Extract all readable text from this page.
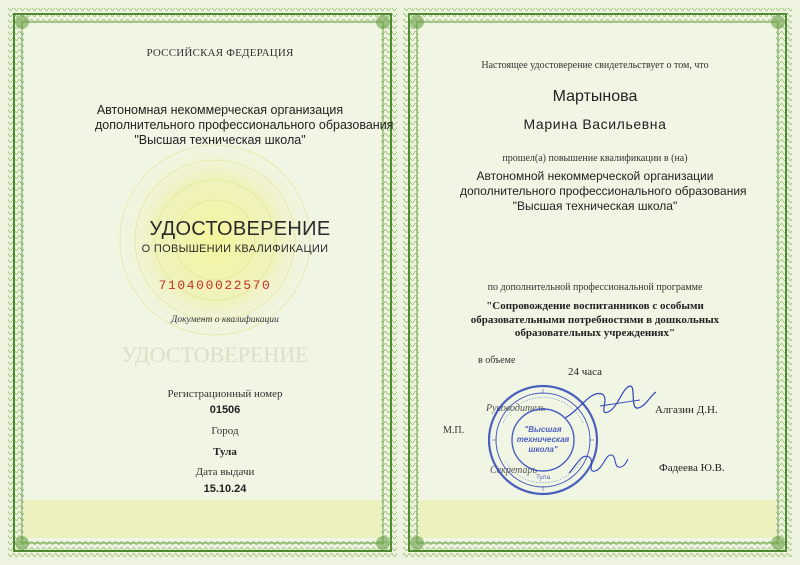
УДОСТОВЕРЕНИЕ
РОССИЙСКАЯ ФЕДЕРАЦИЯ
Автономная некоммерческая организация
дополнительного профессионального образования
"Высшая техническая школа"
УДОСТОВЕРЕНИЕ
О ПОВЫШЕНИИ КВАЛИФИКАЦИИ
710400022570
Документ о квалификации
Регистрационный номер
01506
Город
Тула
Дата выдачи
15.10.24
Настоящее удостоверение свидетельствует о том, что
Мартынова
Марина Васильевна
прошел(а) повышение квалификации в (на)
Автономной некоммерческой организации
дополнительного профессионального образования
"Высшая техническая школа"
по дополнительной профессиональной программе
"Сопровождение воспитанников с особыми образовательными потребностями в дошкольных образовательных учреждениях"
в объеме
24 часа
М.П.
Руководитель	Алгазин Д.Н.
Секретарь	Фадеева Ю.В.
"Высшая
техническая
школа"
Тула
